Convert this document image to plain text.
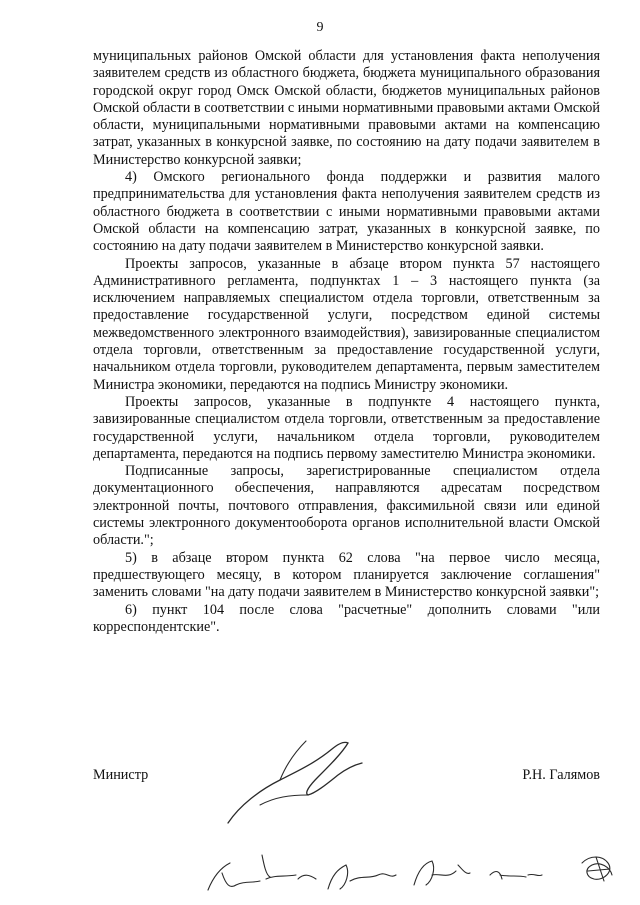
9

муниципальных районов Омской области для установления факта неполучения заявителем средств из областного бюджета, бюджета муниципального образования городской округ город Омск Омской области, бюджетов муниципальных районов Омской области в соответствии с иными нормативными правовыми актами Омской области, муниципальными нормативными правовыми актами на компенсацию затрат, указанных в конкурсной заявке, по состоянию на дату подачи заявителем в Министерство конкурсной заявки;

4) Омского регионального фонда поддержки и развития малого предпринимательства для установления факта неполучения заявителем средств из областного бюджета в соответствии с иными нормативными правовыми актами Омской области на компенсацию затрат, указанных в конкурсной заявке, по состоянию на дату подачи заявителем в Министерство конкурсной заявки.

Проекты запросов, указанные в абзаце втором пункта 57 настоящего Административного регламента, подпунктах 1 – 3 настоящего пункта (за исключением направляемых специалистом отдела торговли, ответственным за предоставление государственной услуги, посредством единой системы межведомственного электронного взаимодействия), завизированные специалистом отдела торговли, ответственным за предоставление государственной услуги, начальником отдела торговли, руководителем департамента, первым заместителем Министра экономики, передаются на подпись Министру экономики.

Проекты запросов, указанные в подпункте 4 настоящего пункта, завизированные специалистом отдела торговли, ответственным за предоставление государственной услуги, начальником отдела торговли, руководителем департамента, передаются на подпись первому заместителю Министра экономики.

Подписанные запросы, зарегистрированные специалистом отдела документационного обеспечения, направляются адресатам посредством электронной почты, почтового отправления, факсимильной связи или единой системы электронного документооборота органов исполнительной власти Омской области.";

5) в абзаце втором пункта 62 слова "на первое число месяца, предшествующего месяцу, в котором планируется заключение соглашения" заменить словами "на дату подачи заявителем в Министерство конкурсной заявки";

6) пункт 104 после слова "расчетные" дополнить словами "или корреспондентские".

Министр	Р.Н. Галямов
